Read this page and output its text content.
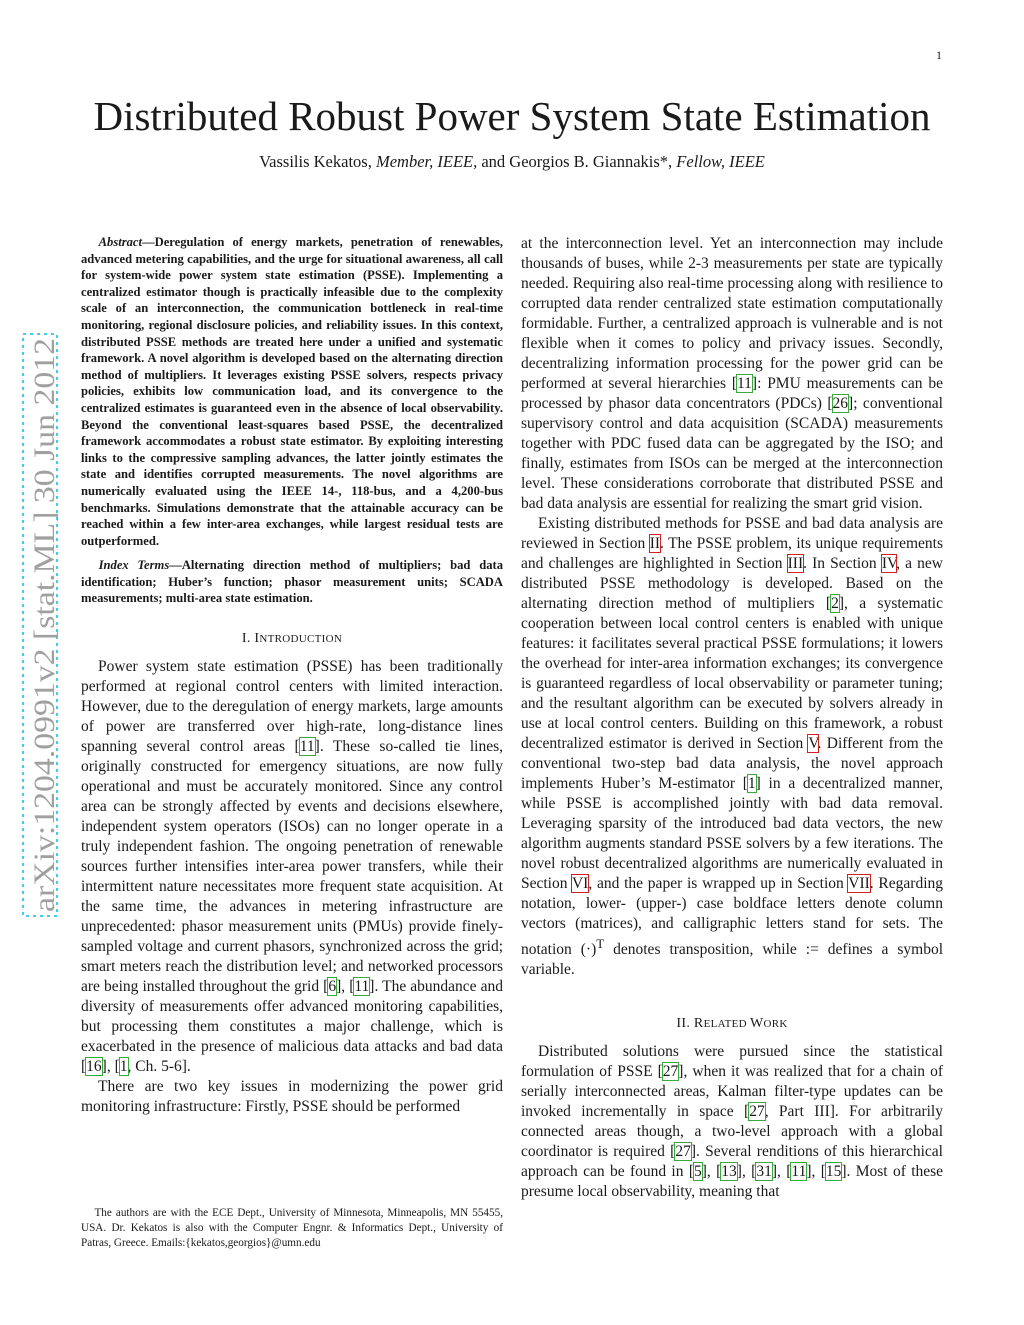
1
arXiv:1204.0991v2 [stat.ML] 30 Jun 2012
Distributed Robust Power System State Estimation
Vassilis Kekatos, Member, IEEE, and Georgios B. Giannakis*, Fellow, IEEE

Abstract—Deregulation of energy markets, penetration of renewables, advanced metering capabilities, and the urge for situational awareness, all call for system-wide power system state estimation (PSSE). Implementing a centralized estimator though is practically infeasible due to the complexity scale of an interconnection, the communication bottleneck in real-time monitoring, regional disclosure policies, and reliability issues. In this context, distributed PSSE methods are treated here under a unified and systematic framework. A novel algorithm is developed based on the alternating direction method of multipliers. It leverages existing PSSE solvers, respects privacy policies, exhibits low communication load, and its convergence to the centralized estimates is guaranteed even in the absence of local observability. Beyond the conventional least-squares based PSSE, the decentralized framework accommodates a robust state estimator. By exploiting interesting links to the compressive sampling advances, the latter jointly estimates the state and identifies corrupted measurements. The novel algorithms are numerically evaluated using the IEEE 14-, 118-bus, and a 4,200-bus benchmarks. Simulations demonstrate that the attainable accuracy can be reached within a few inter-area exchanges, while largest residual tests are outperformed.

Index Terms—Alternating direction method of multipliers; bad data identification; Huber’s function; phasor measurement units; SCADA measurements; multi-area state estimation.

I. INTRODUCTION

Power system state estimation (PSSE) has been traditionally performed at regional control centers with limited interaction. However, due to the deregulation of energy markets, large amounts of power are transferred over high-rate, long-distance lines spanning several control areas [11]. These so-called tie lines, originally constructed for emergency situations, are now fully operational and must be accurately monitored. Since any control area can be strongly affected by events and decisions elsewhere, independent system operators (ISOs) can no longer operate in a truly independent fashion. The ongoing penetration of renewable sources further intensifies inter-area power transfers, while their intermittent nature necessitates more frequent state acquisition. At the same time, the advances in metering infrastructure are unprecedented: phasor measurement units (PMUs) provide finely-sampled voltage and current phasors, synchronized across the grid; smart meters reach the distribution level; and networked processors are being installed throughout the grid [6], [11]. The abundance and diversity of measurements offer advanced monitoring capabilities, but processing them constitutes a major challenge, which is exacerbated in the presence of malicious data attacks and bad data [16], [1, Ch. 5-6].

There are two key issues in modernizing the power grid monitoring infrastructure: Firstly, PSSE should be performed

The authors are with the ECE Dept., University of Minnesota, Minneapolis, MN 55455, USA. Dr. Kekatos is also with the Computer Engnr. & Informatics Dept., University of Patras, Greece. Emails:{kekatos,georgios}@umn.edu

at the interconnection level. Yet an interconnection may include thousands of buses, while 2-3 measurements per state are typically needed. Requiring also real-time processing along with resilience to corrupted data render centralized state estimation computationally formidable. Further, a centralized approach is vulnerable and is not flexible when it comes to policy and privacy issues. Secondly, decentralizing information processing for the power grid can be performed at several hierarchies [11]: PMU measurements can be processed by phasor data concentrators (PDCs) [26]; conventional supervisory control and data acquisition (SCADA) measurements together with PDC fused data can be aggregated by the ISO; and finally, estimates from ISOs can be merged at the interconnection level. These considerations corroborate that distributed PSSE and bad data analysis are essential for realizing the smart grid vision.

Existing distributed methods for PSSE and bad data analysis are reviewed in Section II. The PSSE problem, its unique requirements and challenges are highlighted in Section III. In Section IV, a new distributed PSSE methodology is developed. Based on the alternating direction method of multipliers [2], a systematic cooperation between local control centers is enabled with unique features: it facilitates several practical PSSE formulations; it lowers the overhead for inter-area information exchanges; its convergence is guaranteed regardless of local observability or parameter tuning; and the resultant algorithm can be executed by solvers already in use at local control centers. Building on this framework, a robust decentralized estimator is derived in Section V. Different from the conventional two-step bad data analysis, the novel approach implements Huber’s M-estimator [1] in a decentralized manner, while PSSE is accomplished jointly with bad data removal. Leveraging sparsity of the introduced bad data vectors, the new algorithm augments standard PSSE solvers by a few iterations. The novel robust decentralized algorithms are numerically evaluated in Section VI, and the paper is wrapped up in Section VII. Regarding notation, lower- (upper-) case boldface letters denote column vectors (matrices), and calligraphic letters stand for sets. The notation $(\cdot)^T$ denotes transposition, while := defines a symbol variable.

II. RELATED WORK

Distributed solutions were pursued since the statistical formulation of PSSE [27], when it was realized that for a chain of serially interconnected areas, Kalman filter-type updates can be invoked incrementally in space [27, Part III]. For arbitrarily connected areas though, a two-level approach with a global coordinator is required [27]. Several renditions of this hierarchical approach can be found in [5], [13], [31], [11], [15]. Most of these presume local observability, meaning that
